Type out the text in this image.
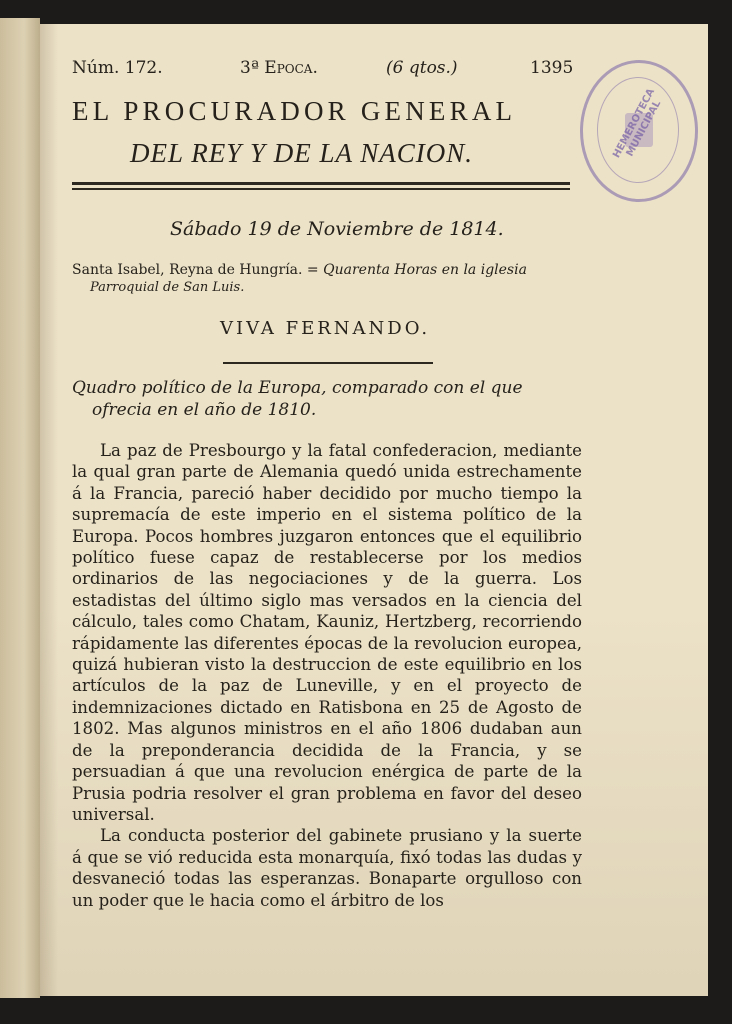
Núm. 172.	3ª Epoca.	(6 qtos.)	1395
HEMEROTECA MUNICIPAL
EL PROCURADOR GENERAL
DEL REY Y DE LA NACION.
Sábado 19 de Noviembre de 1814.
Santa Isabel, Reyna de Hungría. = Quarenta Horas en la iglesia
Parroquial de San Luis.
VIVA FERNANDO.
Quadro político de la Europa, comparado con el que
ofrecia en el año de 1810.

La paz de Presbourgo y la fatal confederacion, mediante la qual gran parte de Alemania quedó unida estrechamente á la Francia, pareció haber decidido por mucho tiempo la supremacía de este imperio en el sistema político de la Europa. Pocos hombres juzgaron entonces que el equilibrio político fuese capaz de restablecerse por los medios ordinarios de las negociaciones y de la guerra. Los estadistas del último siglo mas versados en la ciencia del cálculo, tales como Chatam, Kauniz, Hertzberg, recorriendo rápidamente las diferentes épocas de la revolucion europea, quizá hubieran visto la destruccion de este equilibrio en los artículos de la paz de Luneville, y en el proyecto de indemnizaciones dictado en Ratisbona en 25 de Agosto de 1802. Mas algunos ministros en el año 1806 dudaban aun de la preponderancia decidida de la Francia, y se persuadian á que una revolucion enérgica de parte de la Prusia podria resolver el gran problema en favor del deseo universal.

La conducta posterior del gabinete prusiano y la suerte á que se vió reducida esta monarquía, fixó todas las dudas y desvaneció todas las esperanzas. Bonaparte orgulloso con un poder que le hacia como el árbitro de los
